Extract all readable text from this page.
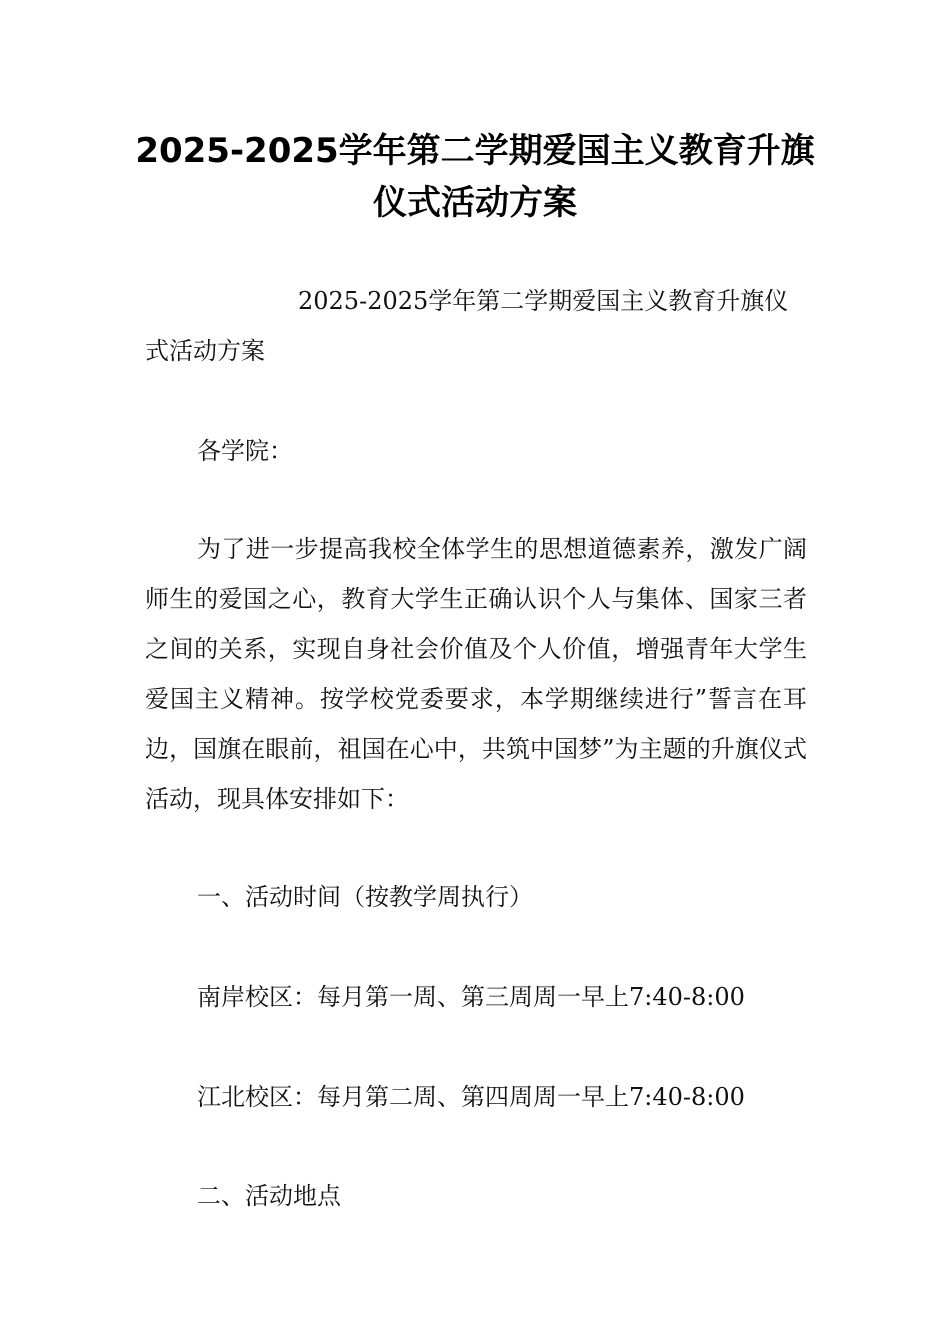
2025-2025学年第二学期爱国主义教育升旗
仪式活动方案
2025-2025学年第二学期爱国主义教育升旗仪
式活动方案
各学院：

为了进一步提高我校全体学生的思想道德素养，激发广阔师生的爱国之心，教育大学生正确认识个人与集体、国家三者之间的关系，实现自身社会价值及个人价值，增强青年大学生爱国主义精神。按学校党委要求，本学期继续进行”誓言在耳边，国旗在眼前，祖国在心中，共筑中国梦”为主题的升旗仪式活动，现具体安排如下：

一、活动时间（按教学周执行）
南岸校区：每月第一周、第三周周一早上7:40-8:00
江北校区：每月第二周、第四周周一早上7:40-8:00
二、活动地点
